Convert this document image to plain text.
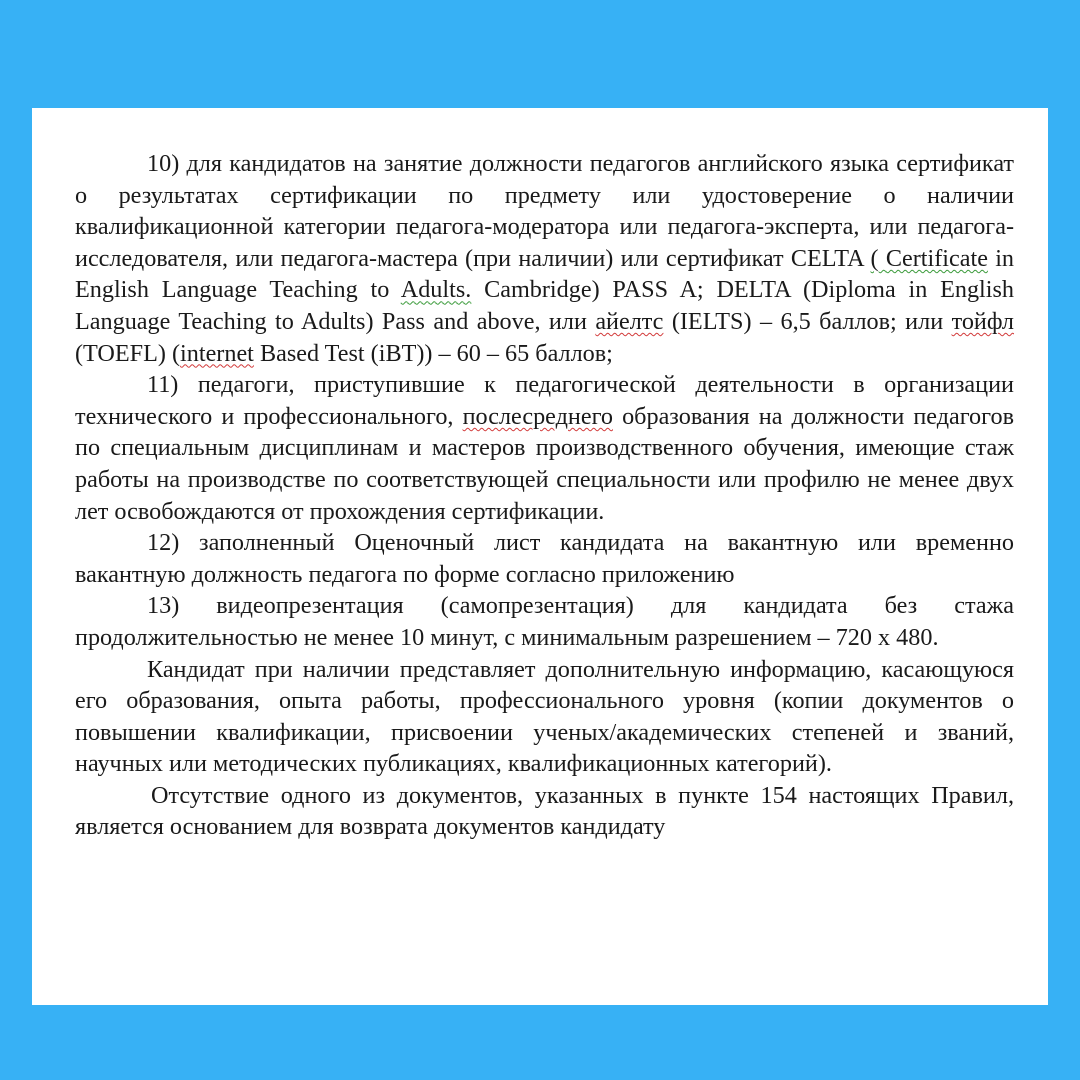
10) для кандидатов на занятие должности педагогов английского языка сертификат о результатах сертификации по предмету или удостоверение о наличии квалификационной категории педагога-модератора или педагога-эксперта, или педагога-исследователя, или педагога-мастера (при наличии) или сертификат CELTA ( Certificate in English Language Teaching to Adults. Cambridge) PASS A; DELTA (Diploma in English Language Teaching to Adults) Pass and above, или айелтс (IELTS) – 6,5 баллов; или тойфл (TOEFL) (internet Based Test (iBT)) – 60 – 65 баллов;

11) педагоги, приступившие к педагогической деятельности в организации технического и профессионального, послесреднего образования на должности педагогов по специальным дисциплинам и мастеров производственного обучения, имеющие стаж работы на производстве по соответствующей специальности или профилю не менее двух лет освобождаются от прохождения сертификации.

12) заполненный Оценочный лист кандидата на вакантную или временно вакантную должность педагога по форме согласно приложению

13) видеопрезентация (самопрезентация) для кандидата без стажа продолжительностью не менее 10 минут, с минимальным разрешением – 720 x 480.

Кандидат при наличии представляет дополнительную информацию, касающуюся его образования, опыта работы, профессионального уровня (копии документов о повышении квалификации, присвоении ученых/академических степеней и званий, научных или методических публикациях, квалификационных категорий).

Отсутствие одного из документов, указанных в пункте 154 настоящих Правил, является основанием для возврата документов кандидату
